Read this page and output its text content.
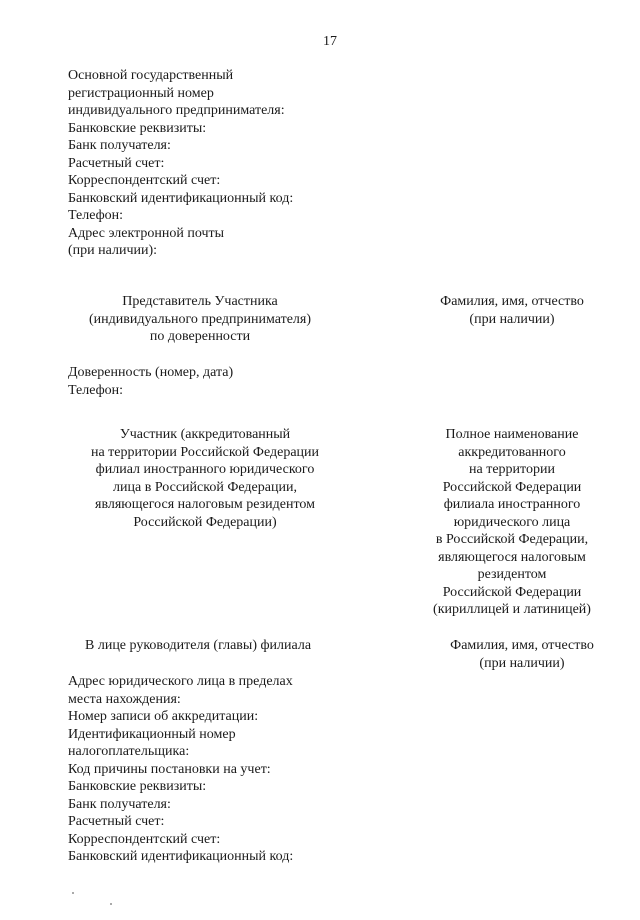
17
Основной государственный
регистрационный номер
индивидуального предпринимателя:
Банковские реквизиты:
Банк получателя:
Расчетный счет:
Корреспондентский счет:
Банковский идентификационный код:
Телефон:
Адрес электронной почты
(при наличии):
Представитель Участника
(индивидуального предпринимателя)
по доверенности
Фамилия, имя, отчество
(при наличии)
Доверенность (номер, дата)
Телефон:
Участник (аккредитованный
на территории Российской Федерации
филиал иностранного юридического
лица в Российской Федерации,
являющегося налоговым резидентом
Российской Федерации)
Полное наименование
аккредитованного
на территории
Российской Федерации
филиала иностранного
юридического лица
в Российской Федерации,
являющегося налоговым
резидентом
Российской Федерации
(кириллицей и латиницей)
В лице руководителя (главы) филиала	Фамилия, имя, отчество
(при наличии)
Адрес юридического лица в пределах
места нахождения:
Номер записи об аккредитации:
Идентификационный номер
налогоплательщика:
Код причины постановки на учет:
Банковские реквизиты:
Банк получателя:
Расчетный счет:
Корреспондентский счет:
Банковский идентификационный код:
